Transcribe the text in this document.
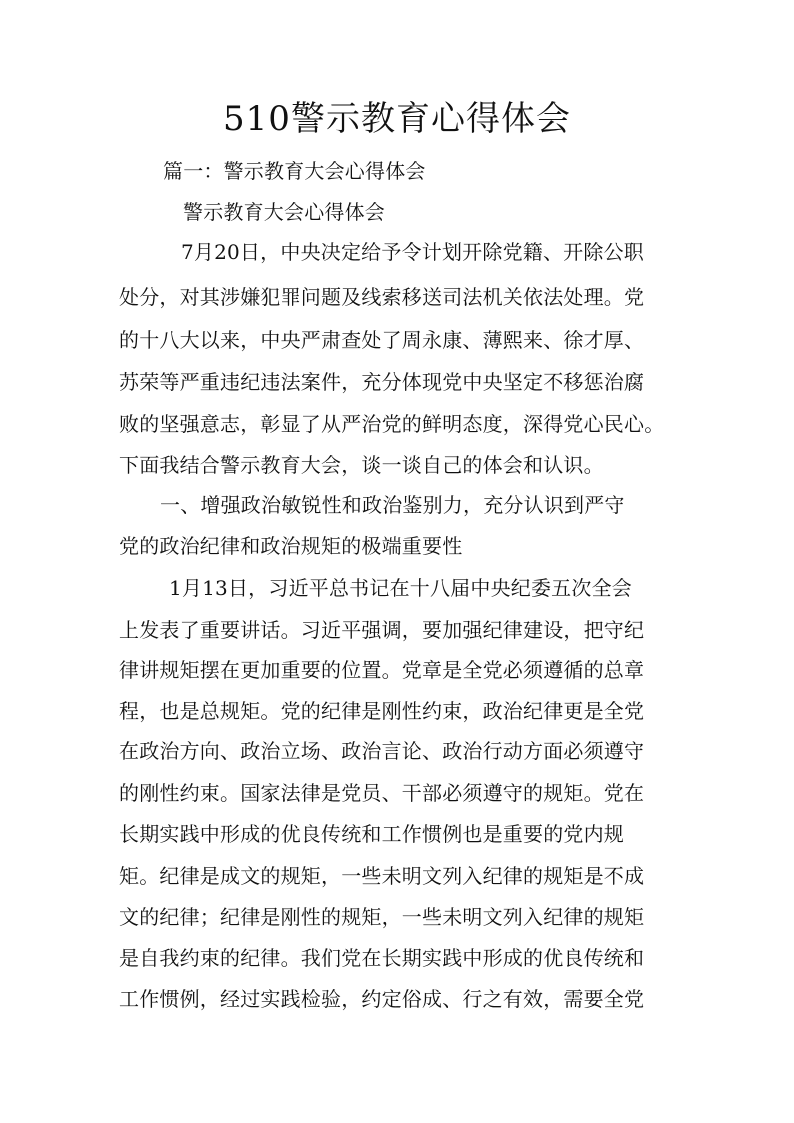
510警示教育心得体会
篇一：警示教育大会心得体会
警示教育大会心得体会
7月20日，中央决定给予令计划开除党籍、开除公职
处分，对其涉嫌犯罪问题及线索移送司法机关依法处理。党
的十八大以来，中央严肃查处了周永康、薄熙来、徐才厚、
苏荣等严重违纪违法案件，充分体现党中央坚定不移惩治腐
败的坚强意志，彰显了从严治党的鲜明态度，深得党心民心。
下面我结合警示教育大会，谈一谈自己的体会和认识。
一、增强政治敏锐性和政治鉴别力，充分认识到严守
党的政治纪律和政治规矩的极端重要性
1月13日，习近平总书记在十八届中央纪委五次全会
上发表了重要讲话。习近平强调，要加强纪律建设，把守纪
律讲规矩摆在更加重要的位置。党章是全党必须遵循的总章
程，也是总规矩。党的纪律是刚性约束，政治纪律更是全党
在政治方向、政治立场、政治言论、政治行动方面必须遵守
的刚性约束。国家法律是党员、干部必须遵守的规矩。党在
长期实践中形成的优良传统和工作惯例也是重要的党内规
矩。纪律是成文的规矩，一些未明文列入纪律的规矩是不成
文的纪律；纪律是刚性的规矩，一些未明文列入纪律的规矩
是自我约束的纪律。我们党在长期实践中形成的优良传统和
工作惯例，经过实践检验，约定俗成、行之有效，需要全党
